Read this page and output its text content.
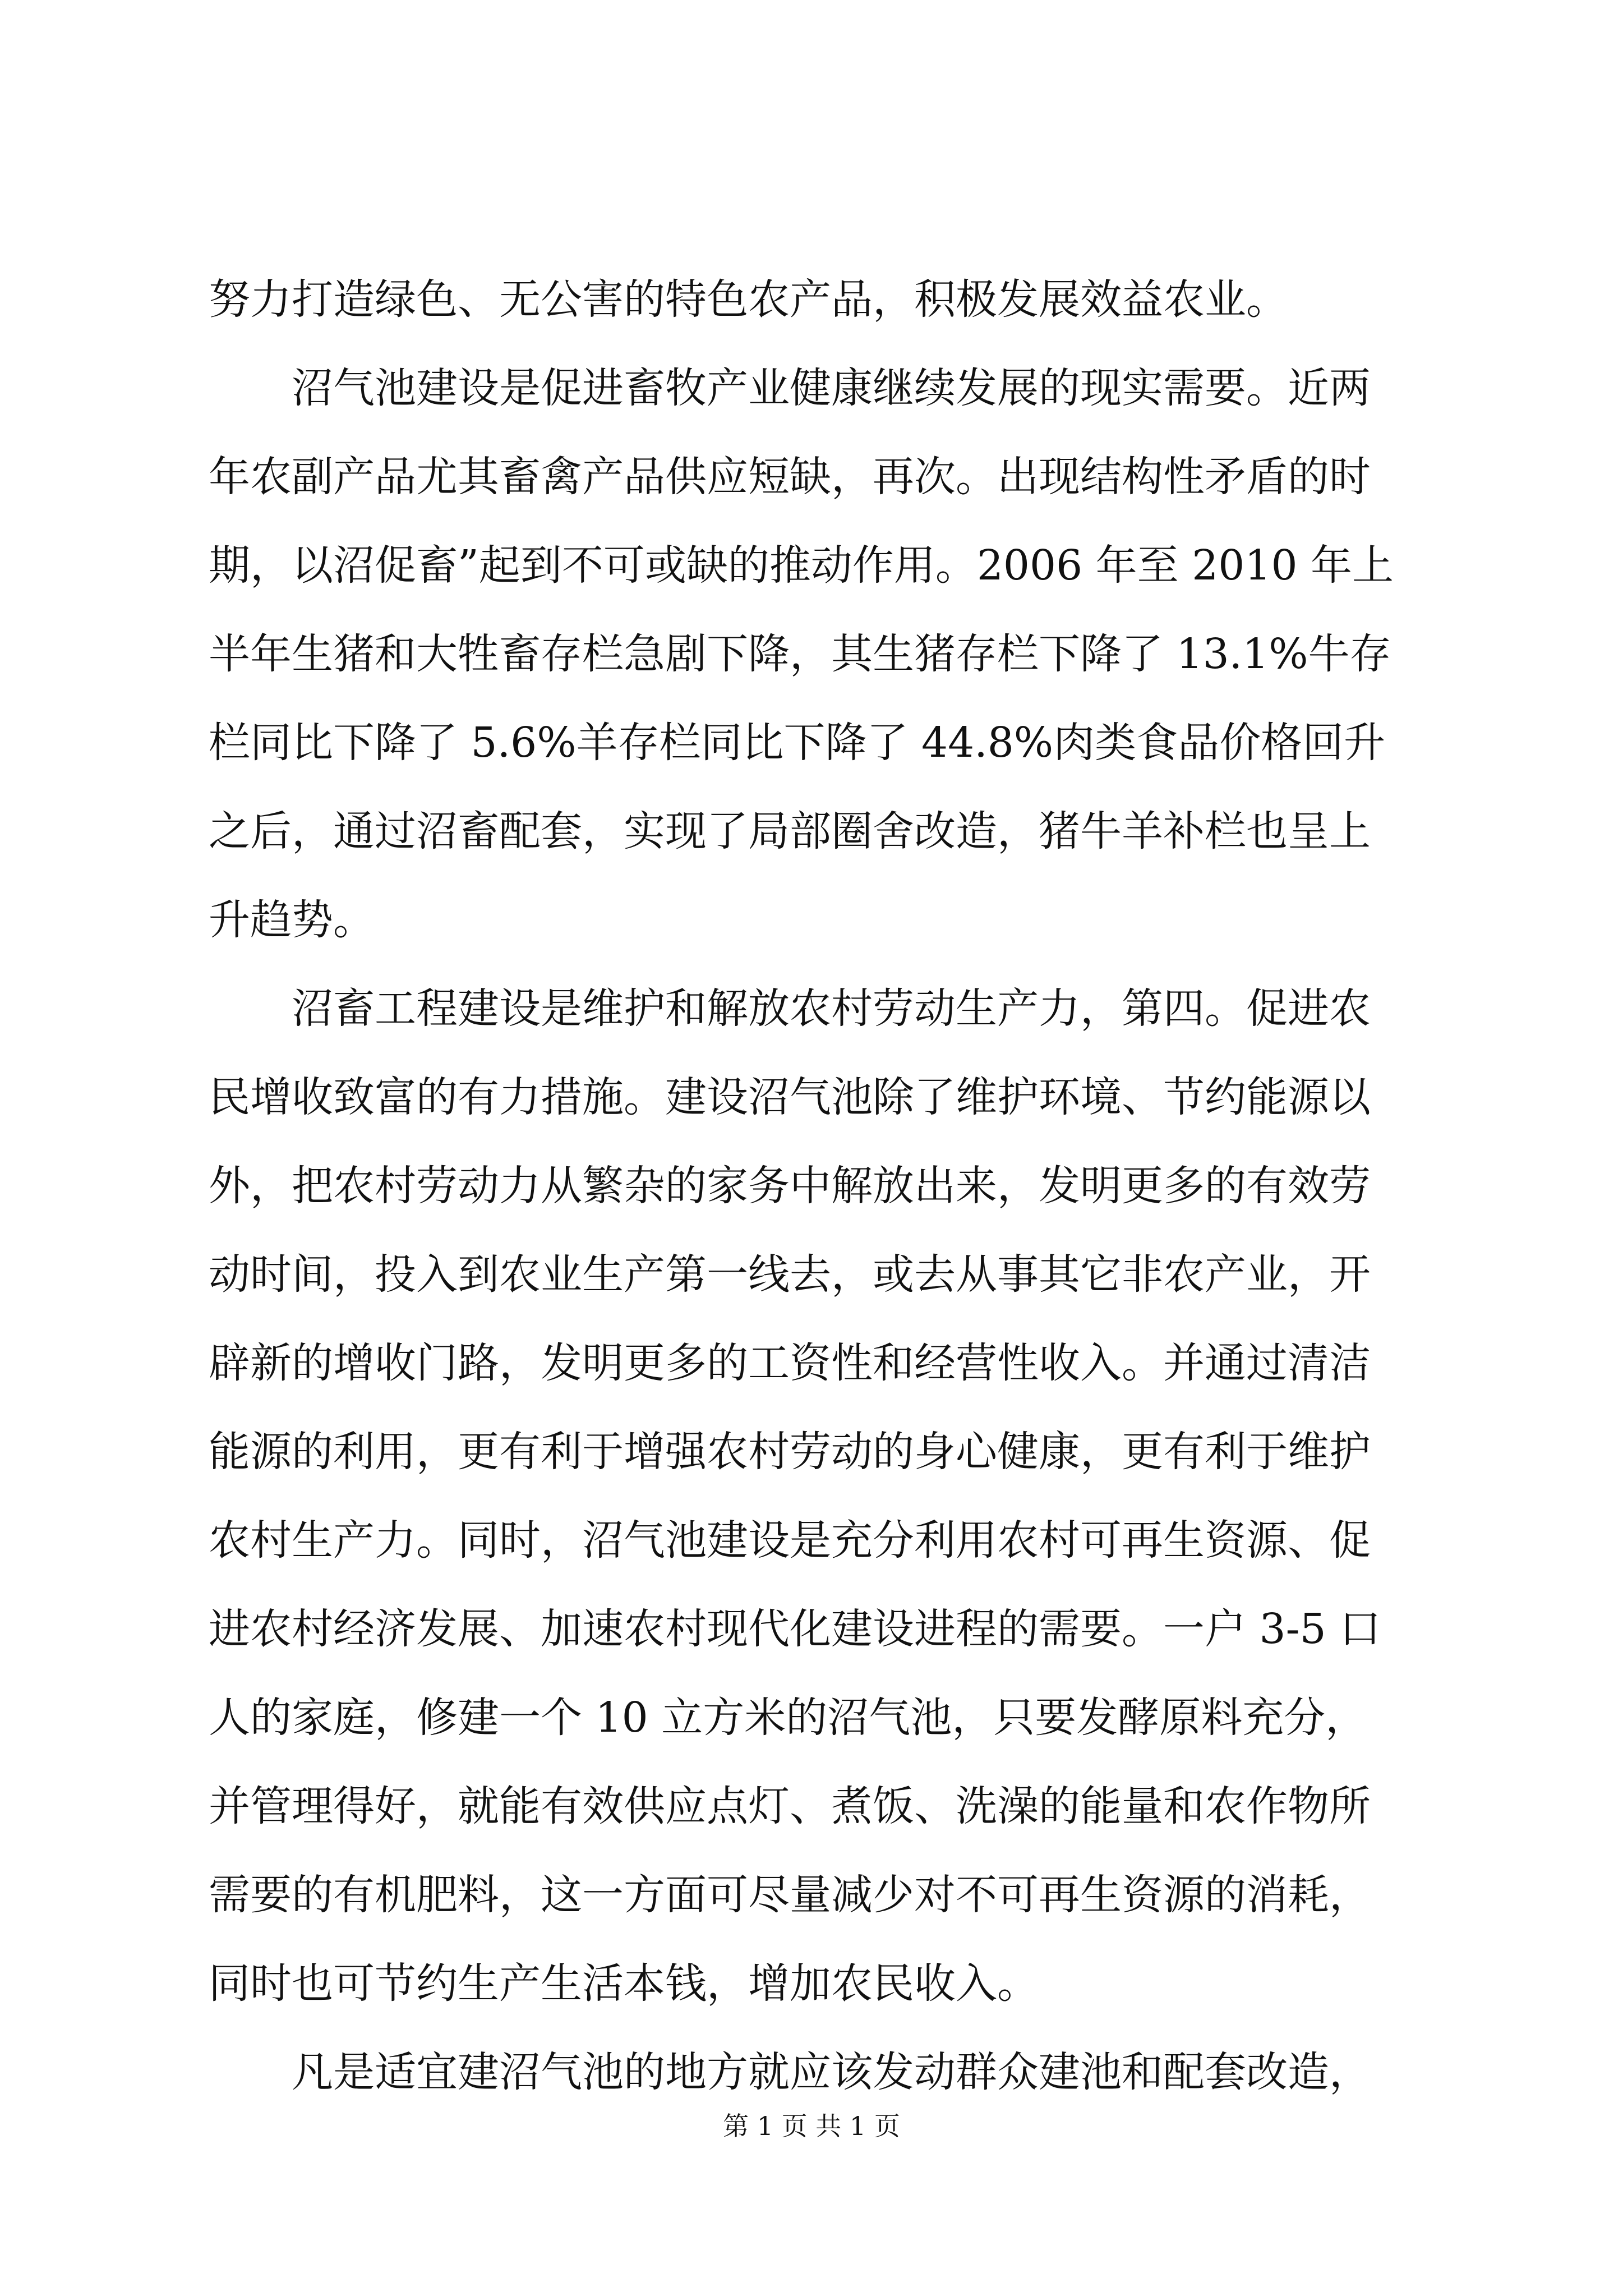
努力打造绿色、无公害的特色农产品，积极发展效益农业。
　　沼气池建设是促进畜牧产业健康继续发展的现实需要。近两
年农副产品尤其畜禽产品供应短缺，再次。出现结构性矛盾的时
期，以沼促畜”起到不可或缺的推动作用。2006 年至 2010 年上
半年生猪和大牲畜存栏急剧下降，其生猪存栏下降了 13.1%牛存
栏同比下降了 5.6%羊存栏同比下降了 44.8%肉类食品价格回升
之后，通过沼畜配套，实现了局部圈舍改造，猪牛羊补栏也呈上
升趋势。
　　沼畜工程建设是维护和解放农村劳动生产力，第四。促进农
民增收致富的有力措施。建设沼气池除了维护环境、节约能源以
外，把农村劳动力从繁杂的家务中解放出来，发明更多的有效劳
动时间，投入到农业生产第一线去，或去从事其它非农产业，开
辟新的增收门路，发明更多的工资性和经营性收入。并通过清洁
能源的利用，更有利于增强农村劳动的身心健康，更有利于维护
农村生产力。同时，沼气池建设是充分利用农村可再生资源、促
进农村经济发展、加速农村现代化建设进程的需要。一户 3-5 口
人的家庭，修建一个 10 立方米的沼气池，只要发酵原料充分，
并管理得好，就能有效供应点灯、煮饭、洗澡的能量和农作物所
需要的有机肥料，这一方面可尽量减少对不可再生资源的消耗，
同时也可节约生产生活本钱，增加农民收入。
　　凡是适宜建沼气池的地方就应该发动群众建池和配套改造，
第 1 页 共 1 页
